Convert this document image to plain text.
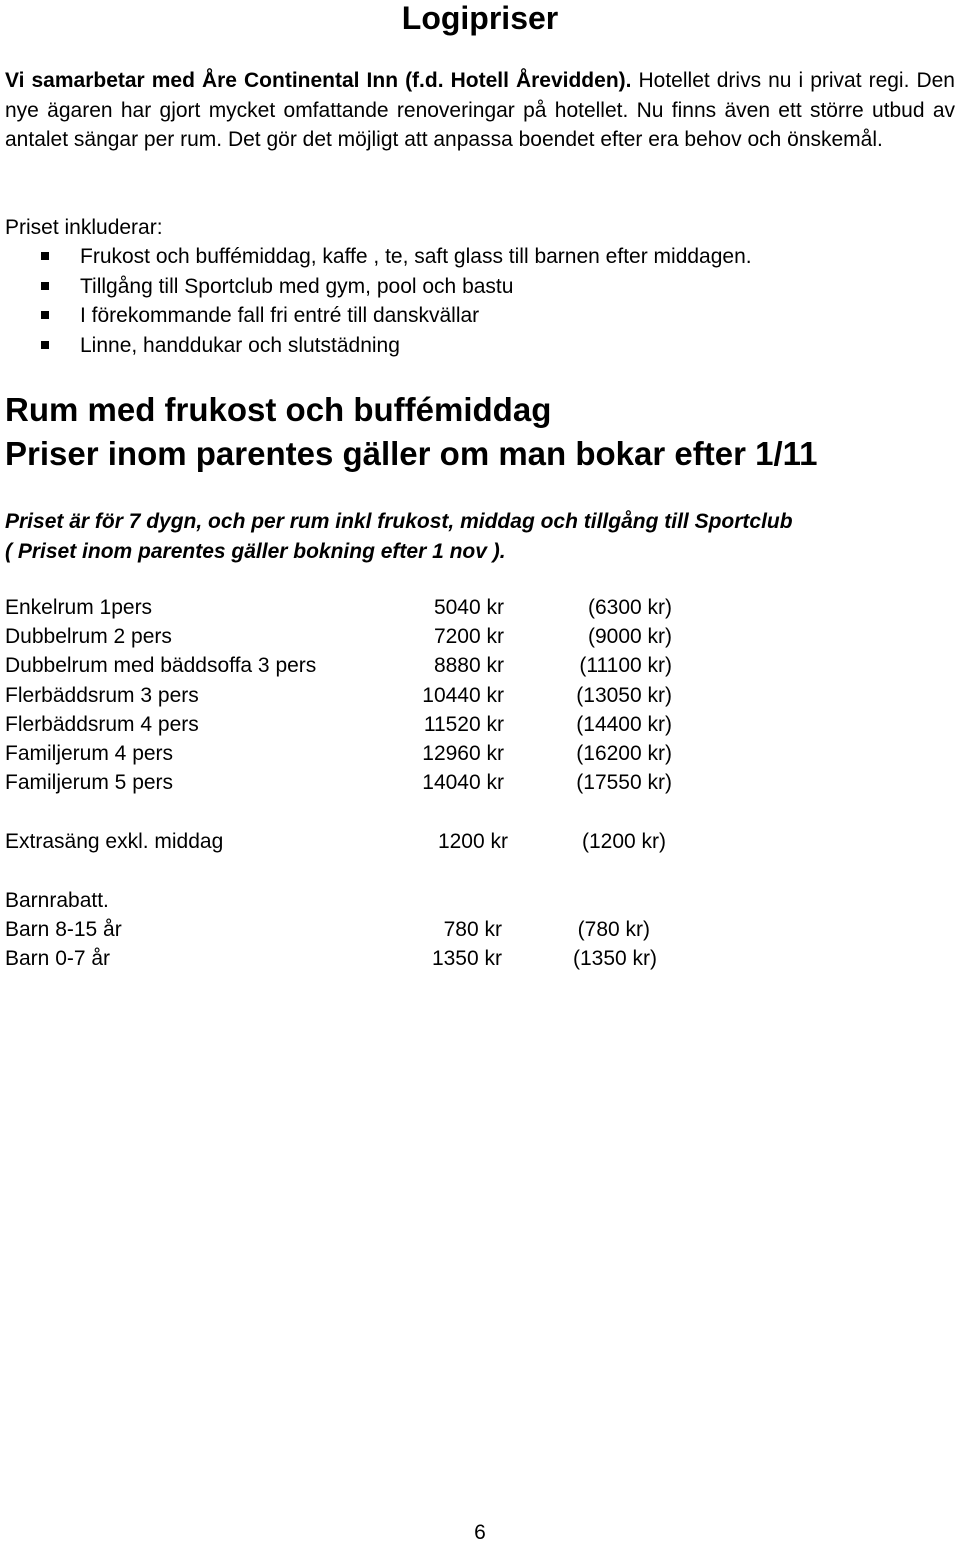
Logipriser
Vi samarbetar med Åre Continental Inn (f.d. Hotell Årevidden). Hotellet drivs nu i privat regi. Den nye ägaren har gjort mycket omfattande renoveringar på hotellet. Nu finns även ett större utbud av antalet sängar per rum. Det gör det möjligt att anpassa boendet efter era behov och önskemål.
Priset inkluderar:
Frukost och buffémiddag, kaffe , te, saft glass till barnen efter middagen.
Tillgång till Sportclub med gym, pool och bastu
I förekommande fall fri entré till danskvällar
Linne, handdukar och slutstädning
Rum med frukost och buffémiddag
Priser inom parentes gäller om man bokar efter 1/11
Priset är för 7 dygn, och per rum inkl frukost, middag och tillgång till Sportclub
( Priset inom parentes gäller bokning efter 1 nov ).
Enkelrum 1pers	5040 kr	(6300 kr)
Dubbelrum 2 pers	7200 kr	(9000 kr)
Dubbelrum med bäddsoffa 3 pers	8880 kr	(11100 kr)
Flerbäddsrum 3 pers	10440 kr	(13050 kr)
Flerbäddsrum 4 pers	11520 kr	(14400 kr)
Familjerum 4 pers	12960 kr	(16200 kr)
Familjerum 5 pers	14040 kr	(17550 kr)
Extrasäng exkl. middag	1200 kr	(1200 kr)
Barnrabatt.
Barn 8-15 år	780 kr	(780 kr)
Barn 0-7 år	1350 kr	(1350 kr)
6
